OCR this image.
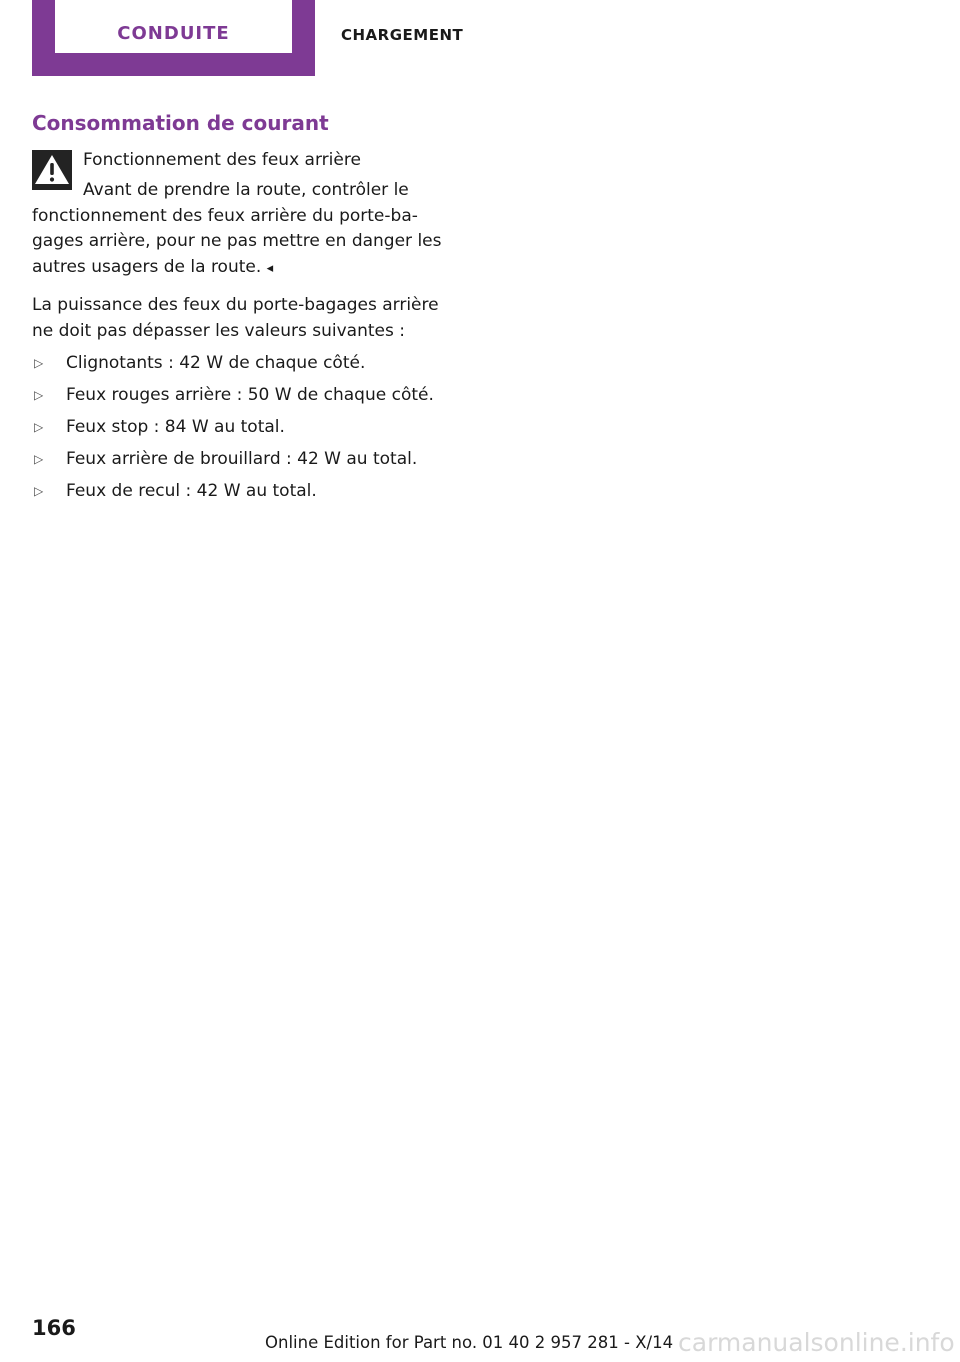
CONDUITE	CHARGEMENT
Consommation de courant
Fonctionnement des feux arrière
Avant de prendre la route, contrôler le
fonctionnement des feux arrière du porte-ba-gages arrière, pour ne pas mettre en danger les autres usagers de la route. ◂
La puissance des feux du porte-bagages arrière ne doit pas dépasser les valeurs suivantes :
▷ Clignotants : 42 W de chaque côté.
▷ Feux rouges arrière : 50 W de chaque côté.
▷ Feux stop : 84 W au total.
▷ Feux arrière de brouillard : 42 W au total.
▷ Feux de recul : 42 W au total.
166
Online Edition for Part no. 01 40 2 957 281 - X/14 carmanualsonline.info
